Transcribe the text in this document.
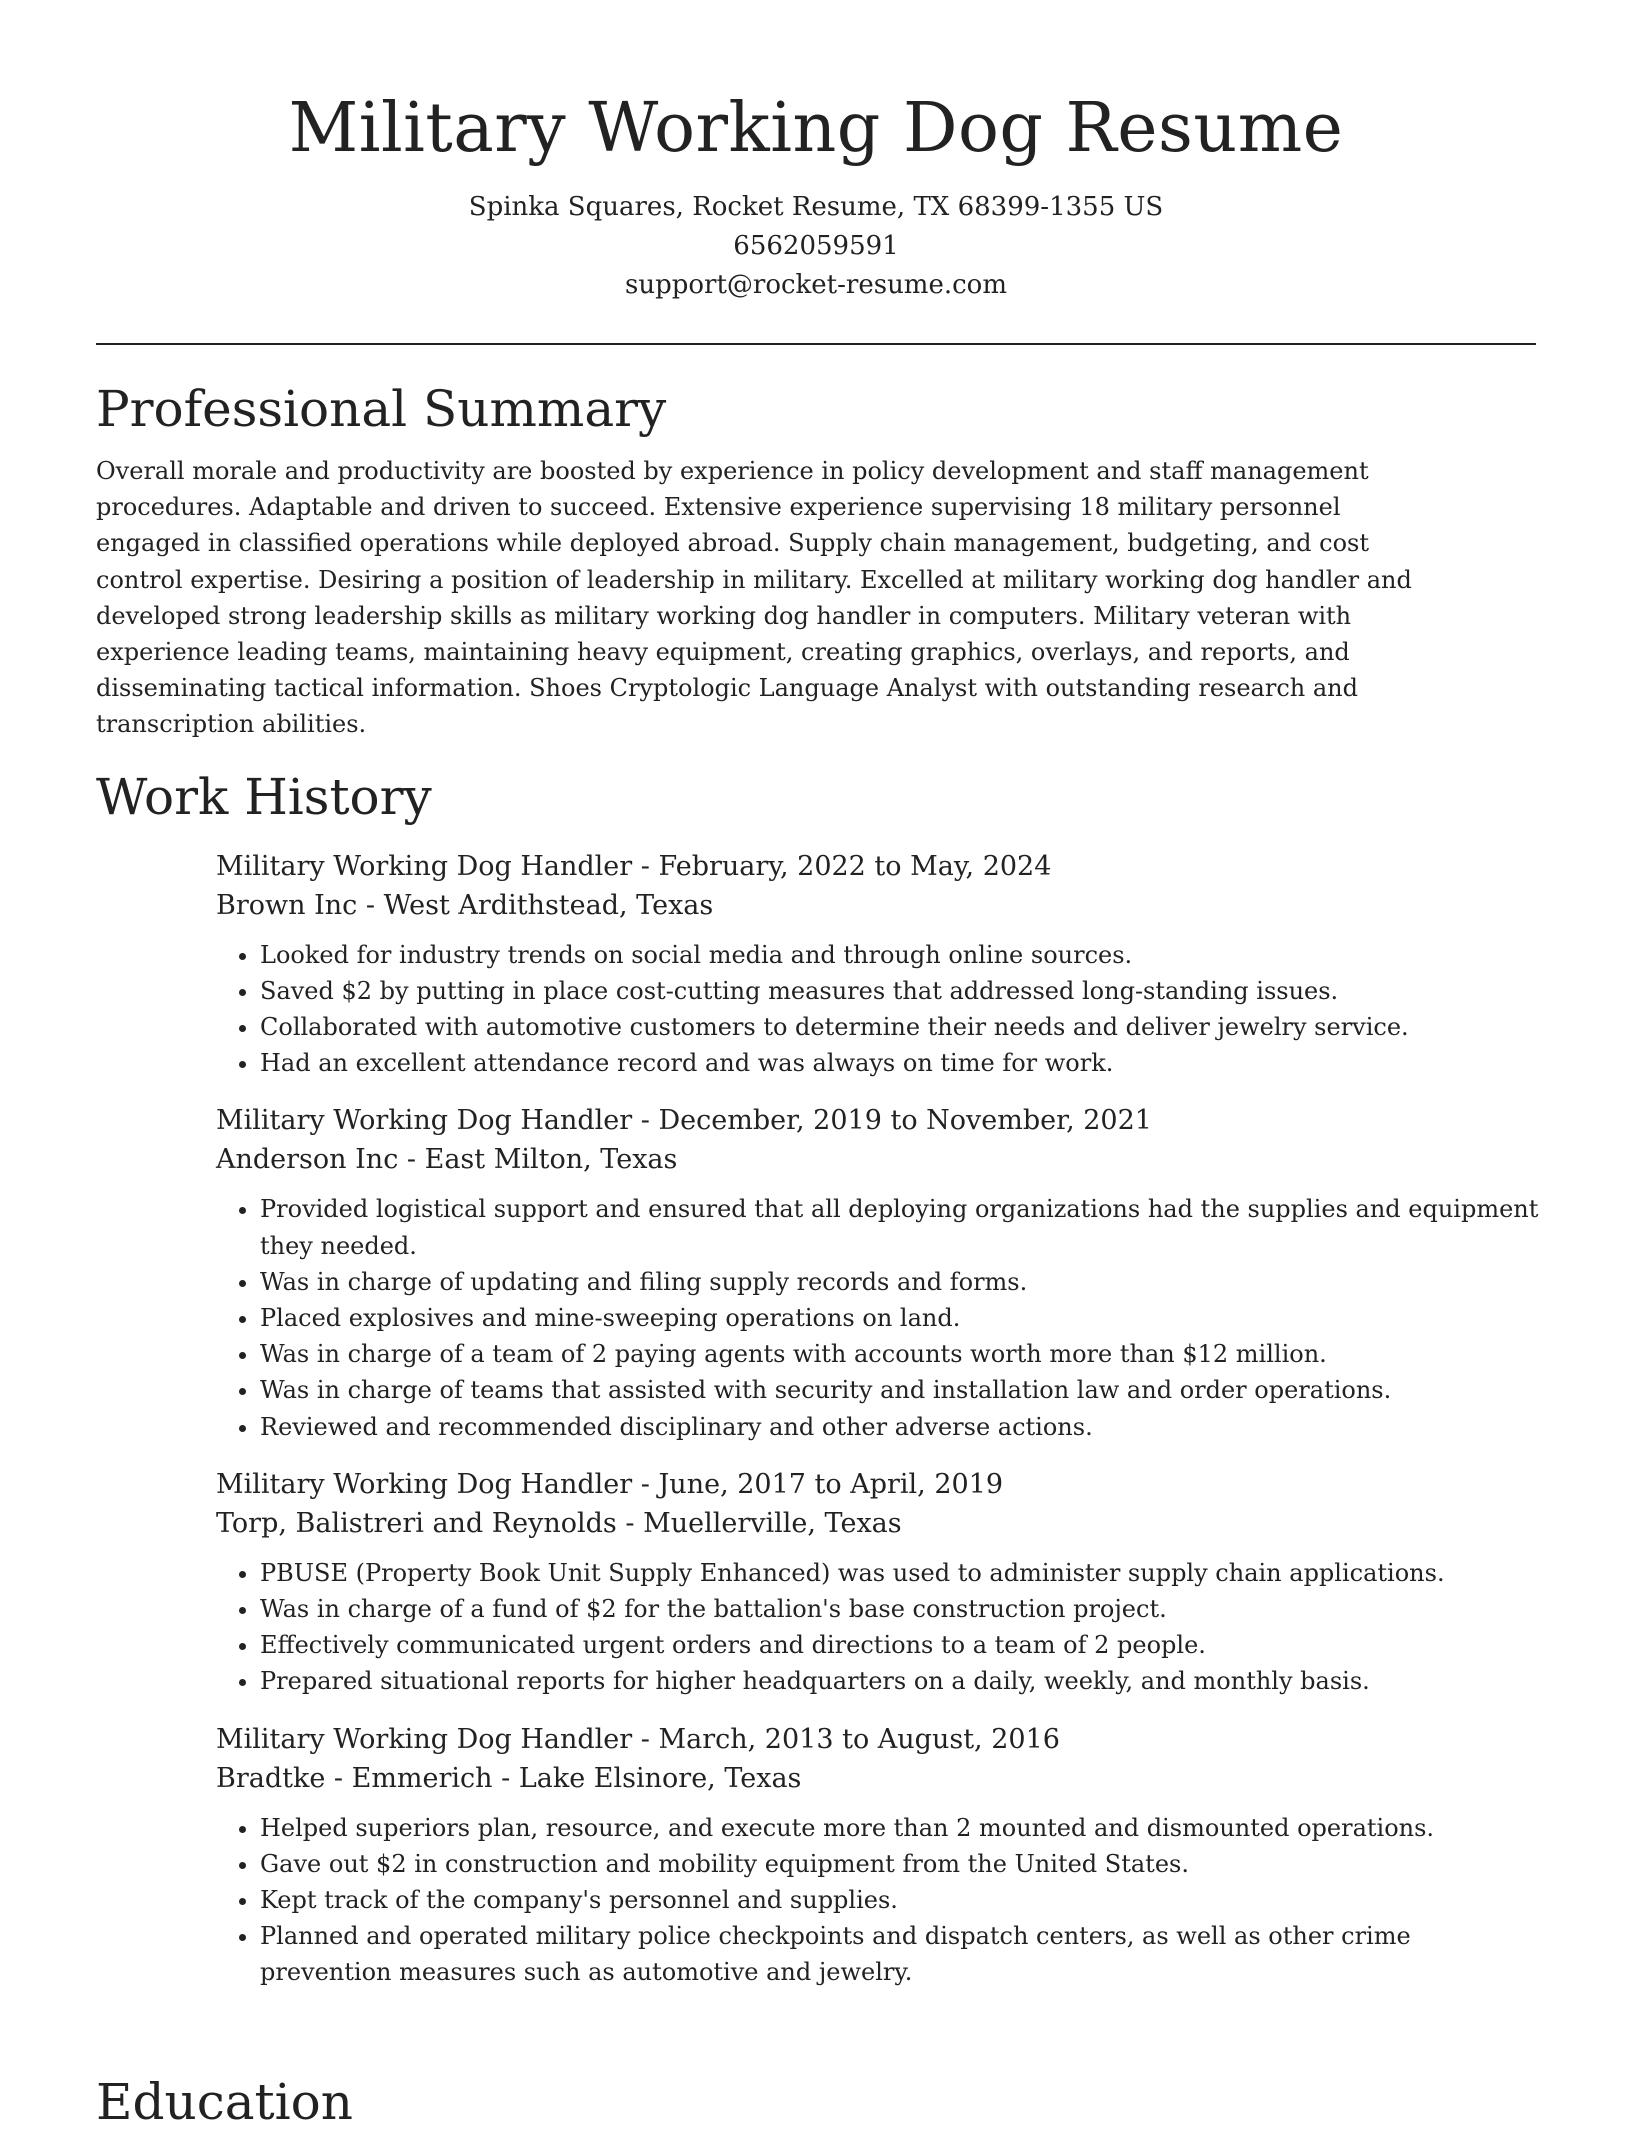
Military Working Dog Resume

Spinka Squares, Rocket Resume, TX 68399-1355 US

6562059591

support@rocket-resume.com

Professional Summary

Overall morale and productivity are boosted by experience in policy development and staff management procedures. Adaptable and driven to succeed. Extensive experience supervising 18 military personnel engaged in classified operations while deployed abroad. Supply chain management, budgeting, and cost control expertise. Desiring a position of leadership in military. Excelled at military working dog handler and developed strong leadership skills as military working dog handler in computers. Military veteran with experience leading teams, maintaining heavy equipment, creating graphics, overlays, and reports, and disseminating tactical information. Shoes Cryptologic Language Analyst with outstanding research and transcription abilities.

Work History

Military Working Dog Handler - February, 2022 to May, 2024

Brown Inc - West Ardithstead, Texas

• Looked for industry trends on social media and through online sources.
• Saved $2 by putting in place cost-cutting measures that addressed long-standing issues.
• Collaborated with automotive customers to determine their needs and deliver jewelry service.
• Had an excellent attendance record and was always on time for work.

Military Working Dog Handler - December, 2019 to November, 2021

Anderson Inc - East Milton, Texas

• Provided logistical support and ensured that all deploying organizations had the supplies and equipment they needed.
• Was in charge of updating and filing supply records and forms.
• Placed explosives and mine-sweeping operations on land.
• Was in charge of a team of 2 paying agents with accounts worth more than $12 million.
• Was in charge of teams that assisted with security and installation law and order operations.
• Reviewed and recommended disciplinary and other adverse actions.

Military Working Dog Handler - June, 2017 to April, 2019

Torp, Balistreri and Reynolds - Muellerville, Texas

• PBUSE (Property Book Unit Supply Enhanced) was used to administer supply chain applications.
• Was in charge of a fund of $2 for the battalion's base construction project.
• Effectively communicated urgent orders and directions to a team of 2 people.
• Prepared situational reports for higher headquarters on a daily, weekly, and monthly basis.

Military Working Dog Handler - March, 2013 to August, 2016

Bradtke - Emmerich - Lake Elsinore, Texas

• Helped superiors plan, resource, and execute more than 2 mounted and dismounted operations.
• Gave out $2 in construction and mobility equipment from the United States.
• Kept track of the company's personnel and supplies.
• Planned and operated military police checkpoints and dispatch centers, as well as other crime prevention measures such as automotive and jewelry.
Education
